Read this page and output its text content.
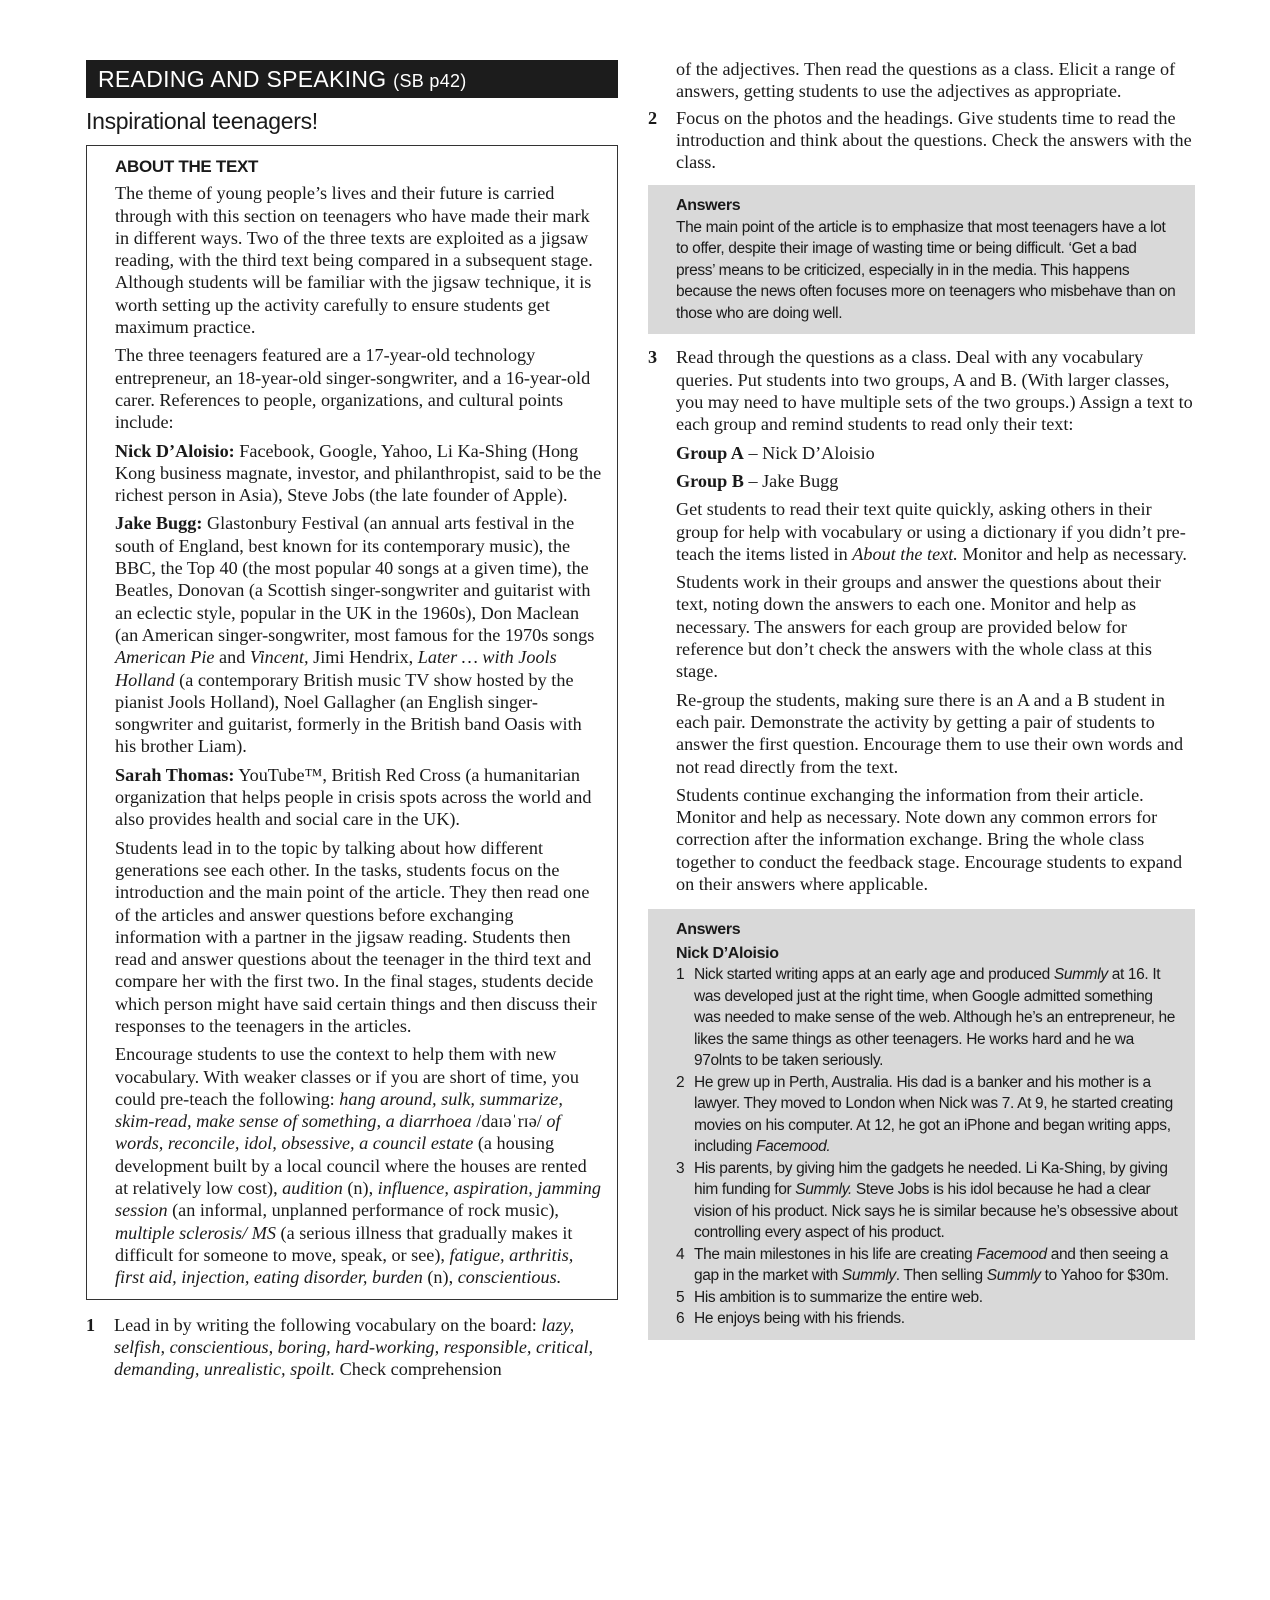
READING AND SPEAKING (SB p42)
Inspirational teenagers!
ABOUT THE TEXT

The theme of young people’s lives and their future is carried through with this section on teenagers who have made their mark in different ways. Two of the three texts are exploited as a jigsaw reading, with the third text being compared in a subsequent stage. Although students will be familiar with the jigsaw technique, it is worth setting up the activity carefully to ensure students get maximum practice.

The three teenagers featured are a 17-year-old technology entrepreneur, an 18-year-old singer-songwriter, and a 16-year-old carer. References to people, organizations, and cultural points include:

Nick D’Aloisio: Facebook, Google, Yahoo, Li Ka-Shing (Hong Kong business magnate, investor, and philanthropist, said to be the richest person in Asia), Steve Jobs (the late founder of Apple).

Jake Bugg: Glastonbury Festival (an annual arts festival in the south of England, best known for its contemporary music), the BBC, the Top 40 (the most popular 40 songs at a given time), the Beatles, Donovan (a Scottish singer-songwriter and guitarist with an eclectic style, popular in the UK in the 1960s), Don Maclean (an American singer-songwriter, most famous for the 1970s songs American Pie and Vincent, Jimi Hendrix, Later … with Jools Holland (a contemporary British music TV show hosted by the pianist Jools Holland), Noel Gallagher (an English singer-songwriter and guitarist, formerly in the British band Oasis with his brother Liam).

Sarah Thomas: YouTube™, British Red Cross (a humanitarian organization that helps people in crisis spots across the world and also provides health and social care in the UK).

Students lead in to the topic by talking about how different generations see each other. In the tasks, students focus on the introduction and the main point of the article. They then read one of the articles and answer questions before exchanging information with a partner in the jigsaw reading. Students then read and answer questions about the teenager in the third text and compare her with the first two. In the final stages, students decide which person might have said certain things and then discuss their responses to the teenagers in the articles.

Encourage students to use the context to help them with new vocabulary. With weaker classes or if you are short of time, you could pre-teach the following: hang around, sulk, summarize, skim-read, make sense of something, a diarrhoea /daɪəˈrɪə/ of words, reconcile, idol, obsessive, a council estate (a housing development built by a local council where the houses are rented at relatively low cost), audition (n), influence, aspiration, jamming session (an informal, unplanned performance of rock music), multiple sclerosis/ MS (a serious illness that gradually makes it difficult for someone to move, speak, or see), fatigue, arthritis, first aid, injection, eating disorder, burden (n), conscientious.

1 Lead in by writing the following vocabulary on the board: lazy, selfish, conscientious, boring, hard-working, responsible, critical, demanding, unrealistic, spoilt. Check comprehension

of the adjectives. Then read the questions as a class. Elicit a range of answers, getting students to use the adjectives as appropriate.

2 Focus on the photos and the headings. Give students time to read the introduction and think about the questions. Check the answers with the class.

Answers

The main point of the article is to emphasize that most teenagers have a lot to offer, despite their image of wasting time or being difficult. ‘Get a bad press’ means to be criticized, especially in in the media. This happens because the news often focuses more on teenagers who misbehave than on those who are doing well.

3 Read through the questions as a class. Deal with any vocabulary queries. Put students into two groups, A and B. (With larger classes, you may need to have multiple sets of the two groups.) Assign a text to each group and remind students to read only their text:

Group A – Nick D’Aloisio

Group B – Jake Bugg

Get students to read their text quite quickly, asking others in their group for help with vocabulary or using a dictionary if you didn’t pre-teach the items listed in About the text. Monitor and help as necessary.

Students work in their groups and answer the questions about their text, noting down the answers to each one. Monitor and help as necessary. The answers for each group are provided below for reference but don’t check the answers with the whole class at this stage.

Re-group the students, making sure there is an A and a B student in each pair. Demonstrate the activity by getting a pair of students to answer the first question. Encourage them to use their own words and not read directly from the text.

Students continue exchanging the information from their article. Monitor and help as necessary. Note down any common errors for correction after the information exchange. Bring the whole class together to conduct the feedback stage. Encourage students to expand on their answers where applicable.

Answers
Nick D’Aloisio
1 Nick started writing apps at an early age and produced Summly at 16. It was developed just at the right time, when Google admitted something was needed to make sense of the web. Although he’s an entrepreneur, he likes the same things as other teenagers. He works hard and he wa 97olnts to be taken seriously.
2 He grew up in Perth, Australia. His dad is a banker and his mother is a lawyer. They moved to London when Nick was 7. At 9, he started creating movies on his computer. At 12, he got an iPhone and began writing apps, including Facemood.
3 His parents, by giving him the gadgets he needed. Li Ka-Shing, by giving him funding for Summly. Steve Jobs is his idol because he had a clear vision of his product. Nick says he is similar because he’s obsessive about controlling every aspect of his product.
4 The main milestones in his life are creating Facemood and then seeing a gap in the market with Summly. Then selling Summly to Yahoo for $30m.
5 His ambition is to summarize the entire web.
6 He enjoys being with his friends.
